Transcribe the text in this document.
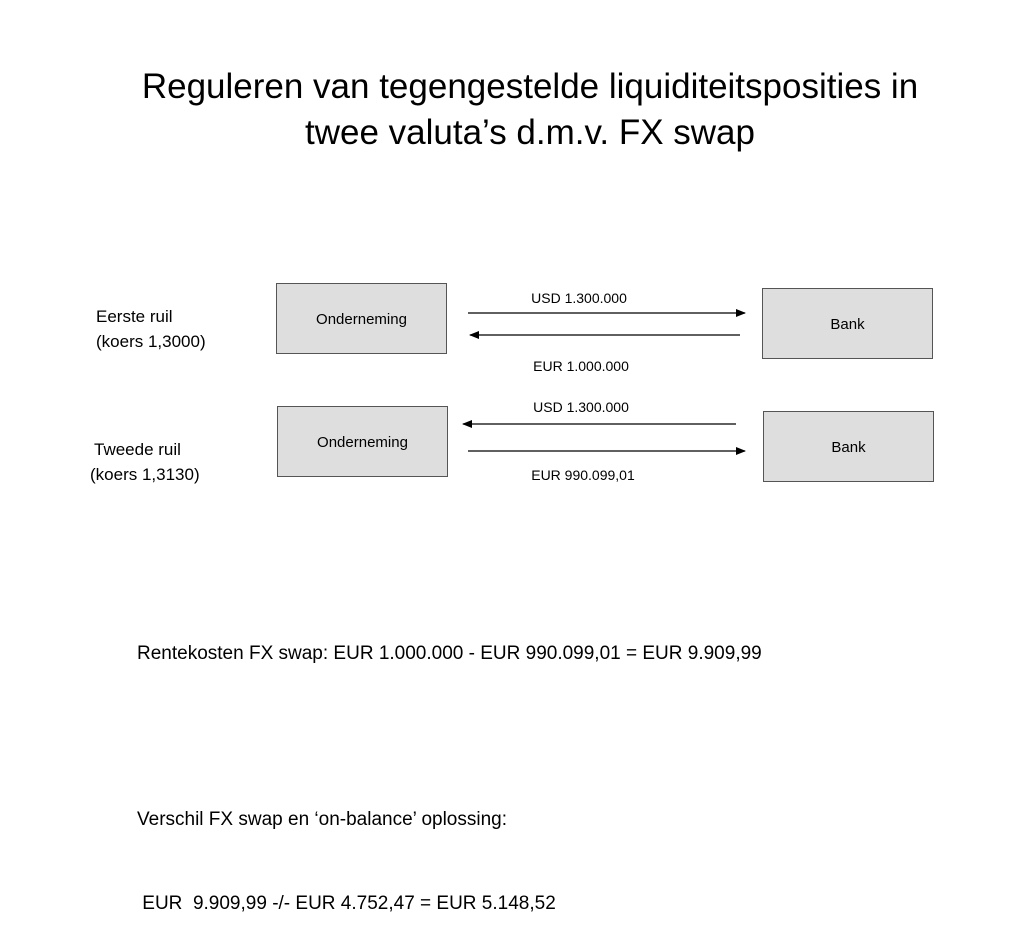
Reguleren van tegengestelde liquiditeitsposities in
twee valuta’s d.m.v. FX swap
Eerste ruil
(koers 1,3000)
Onderneming	Bank
USD 1.300.000
EUR 1.000.000
Tweede ruil
(koers 1,3130)
Onderneming	Bank
USD 1.300.000
EUR 990.099,01

Rentekosten FX swap: EUR 1.000.000 - EUR 990.099,01 = EUR 9.909,99

Verschil FX swap en ‘on-balance’ oplossing:

EUR  9.909,99 -/- EUR 4.752,47 = EUR 5.148,52
